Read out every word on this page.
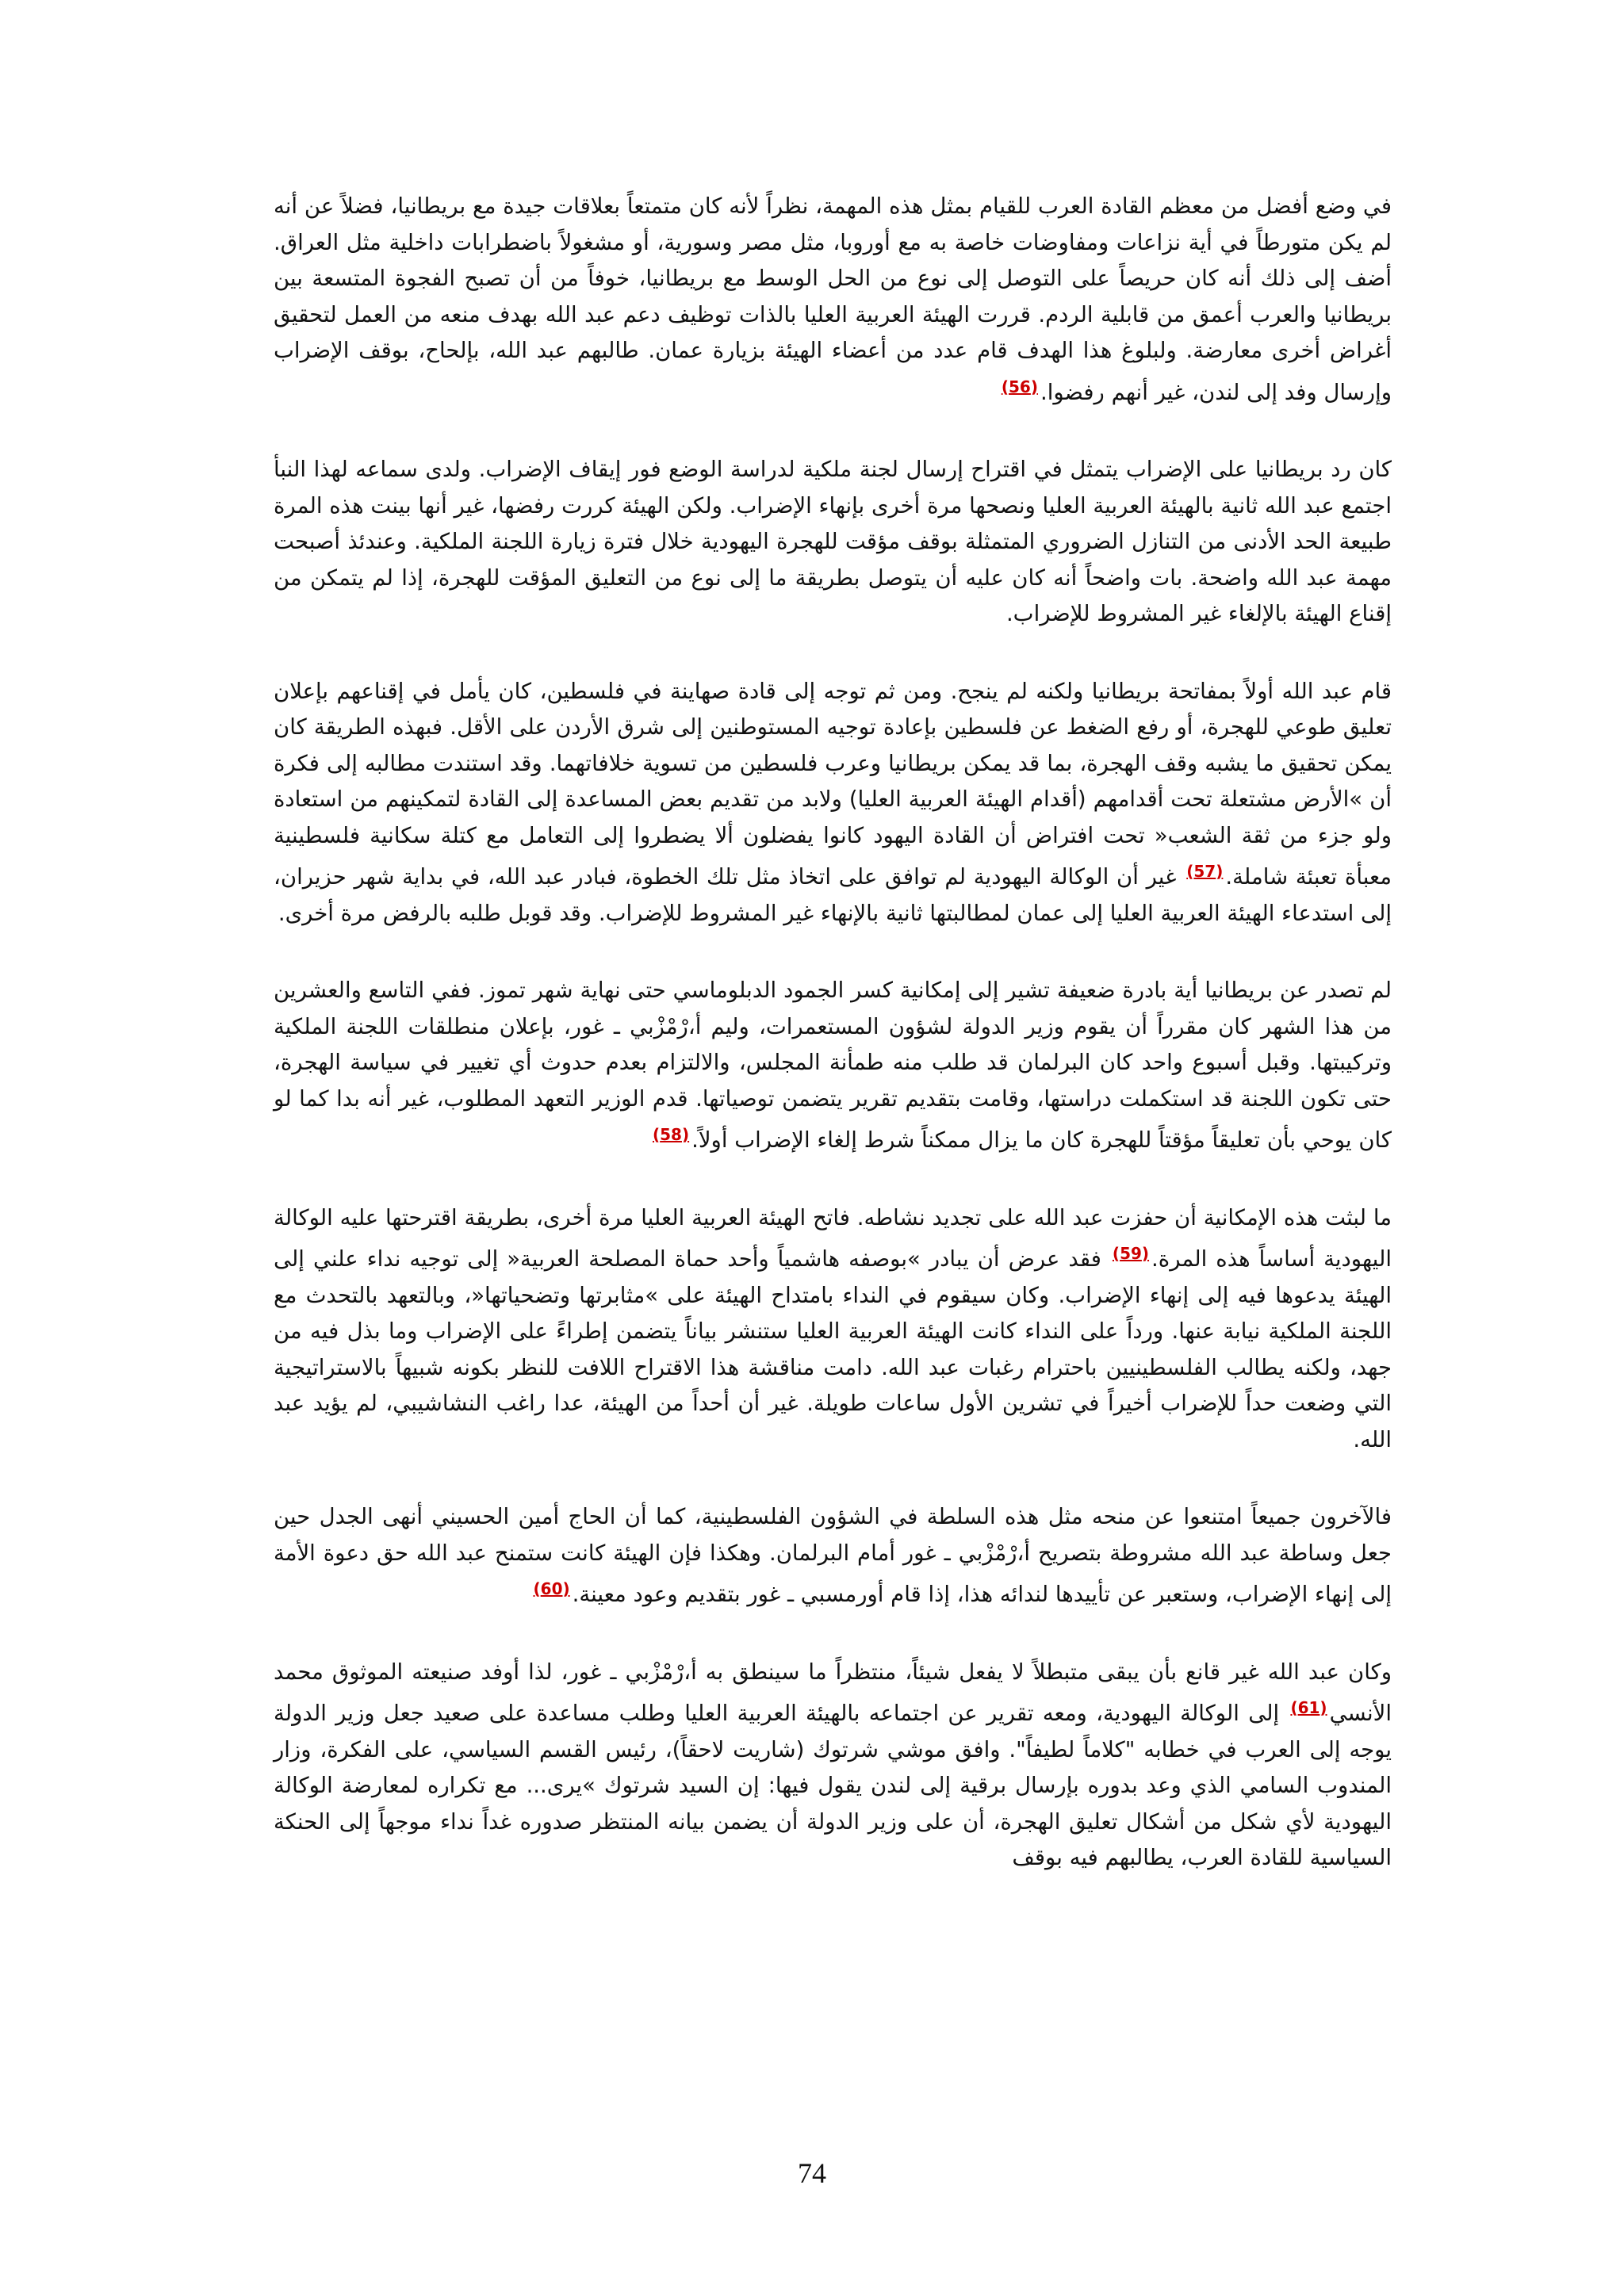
في وضع أفضل من معظم القادة العرب للقيام بمثل هذه المهمة، نظراً لأنه كان متمتعاً بعلاقات جيدة مع بريطانيا، فضلاً عن أنه لم يكن متورطاً في أية نزاعات ومفاوضات خاصة به مع أوروبا، مثل مصر وسورية، أو مشغولاً باضطرابات داخلية مثل العراق. أضف إلى ذلك أنه كان حريصاً على التوصل إلى نوع من الحل الوسط مع بريطانيا، خوفاً من أن تصبح الفجوة المتسعة بين بريطانيا والعرب أعمق من قابلية الردم. قررت الهيئة العربية العليا بالذات توظيف دعم عبد الله بهدف منعه من العمل لتحقيق أغراض أخرى معارضة. ولبلوغ هذا الهدف قام عدد من أعضاء الهيئة بزيارة عمان. طالبهم عبد الله، بإلحاح، بوقف الإضراب وإرسال وفد إلى لندن، غير أنهم رفضوا.$^{(56)}$

كان رد بريطانيا على الإضراب يتمثل في اقتراح إرسال لجنة ملكية لدراسة الوضع فور إيقاف الإضراب. ولدى سماعه لهذا النبأ اجتمع عبد الله ثانية بالهيئة العربية العليا ونصحها مرة أخرى بإنهاء الإضراب. ولكن الهيئة كررت رفضها، غير أنها بينت هذه المرة طبيعة الحد الأدنى من التنازل الضروري المتمثلة بوقف مؤقت للهجرة اليهودية خلال فترة زيارة اللجنة الملكية. وعندئذ أصبحت مهمة عبد الله واضحة. بات واضحاً أنه كان عليه أن يتوصل بطريقة ما إلى نوع من التعليق المؤقت للهجرة، إذا لم يتمكن من إقناع الهيئة بالإلغاء غير المشروط للإضراب.

قام عبد الله أولاً بمفاتحة بريطانيا ولكنه لم ينجح. ومن ثم توجه إلى قادة صهاينة في فلسطين، كان يأمل في إقناعهم بإعلان تعليق طوعي للهجرة، أو رفع الضغط عن فلسطين بإعادة توجيه المستوطنين إلى شرق الأردن على الأقل. فبهذه الطريقة كان يمكن تحقيق ما يشبه وقف الهجرة، بما قد يمكن بريطانيا وعرب فلسطين من تسوية خلافاتهما. وقد استندت مطالبه إلى فكرة أن »الأرض مشتعلة تحت أقدامهم (أقدام الهيئة العربية العليا) ولابد من تقديم بعض المساعدة إلى القادة لتمكينهم من استعادة ولو جزء من ثقة الشعب« تحت افتراض أن القادة اليهود كانوا يفضلون ألا يضطروا إلى التعامل مع كتلة سكانية فلسطينية معبأة تعبئة شاملة.$^{(57)}$ غير أن الوكالة اليهودية لم توافق على اتخاذ مثل تلك الخطوة، فبادر عبد الله، في بداية شهر حزيران، إلى استدعاء الهيئة العربية العليا إلى عمان لمطالبتها ثانية بالإنهاء غير المشروط للإضراب. وقد قوبل طلبه بالرفض مرة أخرى.

لم تصدر عن بريطانيا أية بادرة ضعيفة تشير إلى إمكانية كسر الجمود الدبلوماسي حتى نهاية شهر تموز. ففي التاسع والعشرين من هذا الشهر كان مقرراً أن يقوم وزير الدولة لشؤون المستعمرات، وليم أ،رْمْزْبي ـ غور، بإعلان منطلقات اللجنة الملكية وتركيبتها. وقبل أسبوع واحد كان البرلمان قد طلب منه طمأنة المجلس، والالتزام بعدم حدوث أي تغيير في سياسة الهجرة، حتى تكون اللجنة قد استكملت دراستها، وقامت بتقديم تقرير يتضمن توصياتها. قدم الوزير التعهد المطلوب، غير أنه بدا كما لو كان يوحي بأن تعليقاً مؤقتاً للهجرة كان ما يزال ممكناً شرط إلغاء الإضراب أولاً.$^{(58)}$

ما لبثت هذه الإمكانية أن حفزت عبد الله على تجديد نشاطه. فاتح الهيئة العربية العليا مرة أخرى، بطريقة اقترحتها عليه الوكالة اليهودية أساساً هذه المرة.$^{(59)}$ فقد عرض أن يبادر »بوصفه هاشمياً وأحد حماة المصلحة العربية« إلى توجيه نداء علني إلى الهيئة يدعوها فيه إلى إنهاء الإضراب. وكان سيقوم في النداء بامتداح الهيئة على »مثابرتها وتضحياتها«، وبالتعهد بالتحدث مع اللجنة الملكية نيابة عنها. ورداً على النداء كانت الهيئة العربية العليا ستنشر بياناً يتضمن إطراءً على الإضراب وما بذل فيه من جهد، ولكنه يطالب الفلسطينيين باحترام رغبات عبد الله. دامت مناقشة هذا الاقتراح اللافت للنظر بكونه شبيهاً بالاستراتيجية التي وضعت حداً للإضراب أخيراً في تشرين الأول ساعات طويلة. غير أن أحداً من الهيئة، عدا راغب النشاشيبي، لم يؤيد عبد الله.

فالآخرون جميعاً امتنعوا عن منحه مثل هذه السلطة في الشؤون الفلسطينية، كما أن الحاج أمين الحسيني أنهى الجدل حين جعل وساطة عبد الله مشروطة بتصريح أ،رْمْزْبي ـ غور أمام البرلمان. وهكذا فإن الهيئة كانت ستمنح عبد الله حق دعوة الأمة إلى إنهاء الإضراب، وستعبر عن تأييدها لندائه هذا، إذا قام أورمسبي ـ غور بتقديم وعود معينة.$^{(60)}$

وكان عبد الله غير قانع بأن يبقى متبطلاً لا يفعل شيئاً، منتظراً ما سينطق به أ،رْمْزْبي ـ غور، لذا أوفد صنيعته الموثوق محمد الأنسي$^{(61)}$ إلى الوكالة اليهودية، ومعه تقرير عن اجتماعه بالهيئة العربية العليا وطلب مساعدة على صعيد جعل وزير الدولة يوجه إلى العرب في خطابه "كلاماً لطيفاً". وافق موشي شرتوك (شاريت لاحقاً)، رئيس القسم السياسي، على الفكرة، وزار المندوب السامي الذي وعد بدوره بإرسال برقية إلى لندن يقول فيها: إن السيد شرتوك »يرى... مع تكراره لمعارضة الوكالة اليهودية لأي شكل من أشكال تعليق الهجرة، أن على وزير الدولة أن يضمن بيانه المنتظر صدوره غداً نداء موجهاً إلى الحنكة السياسية للقادة العرب، يطالبهم فيه بوقف

74
